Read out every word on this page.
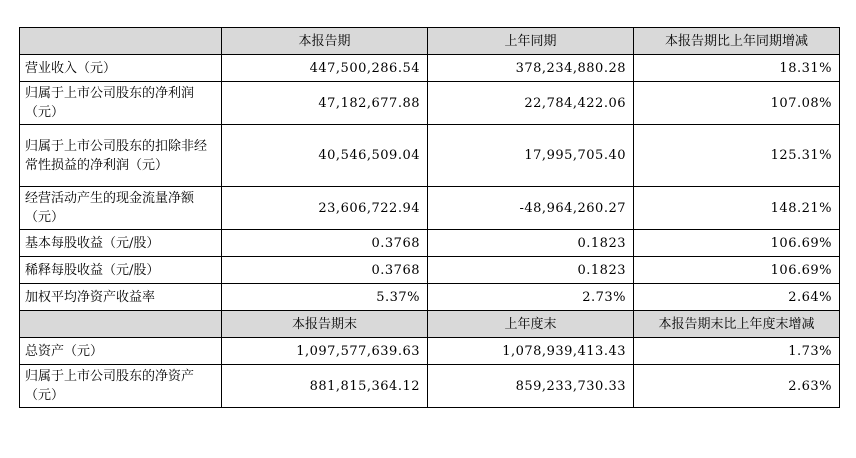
	本报告期	上年同期	本报告期比上年同期增减
营业收入（元）	447,500,286.54	378,234,880.28	18.31%
归属于上市公司股东的净利润（元）	47,182,677.88	22,784,422.06	107.08%
归属于上市公司股东的扣除非经常性损益的净利润（元）	40,546,509.04	17,995,705.40	125.31%
经营活动产生的现金流量净额（元）	23,606,722.94	-48,964,260.27	148.21%
基本每股收益（元/股）	0.3768	0.1823	106.69%
稀释每股收益（元/股）	0.3768	0.1823	106.69%
加权平均净资产收益率	5.37%	2.73%	2.64%
	本报告期末	上年度末	本报告期末比上年度末增减
总资产（元）	1,097,577,639.63	1,078,939,413.43	1.73%
归属于上市公司股东的净资产（元）	881,815,364.12	859,233,730.33	2.63%
